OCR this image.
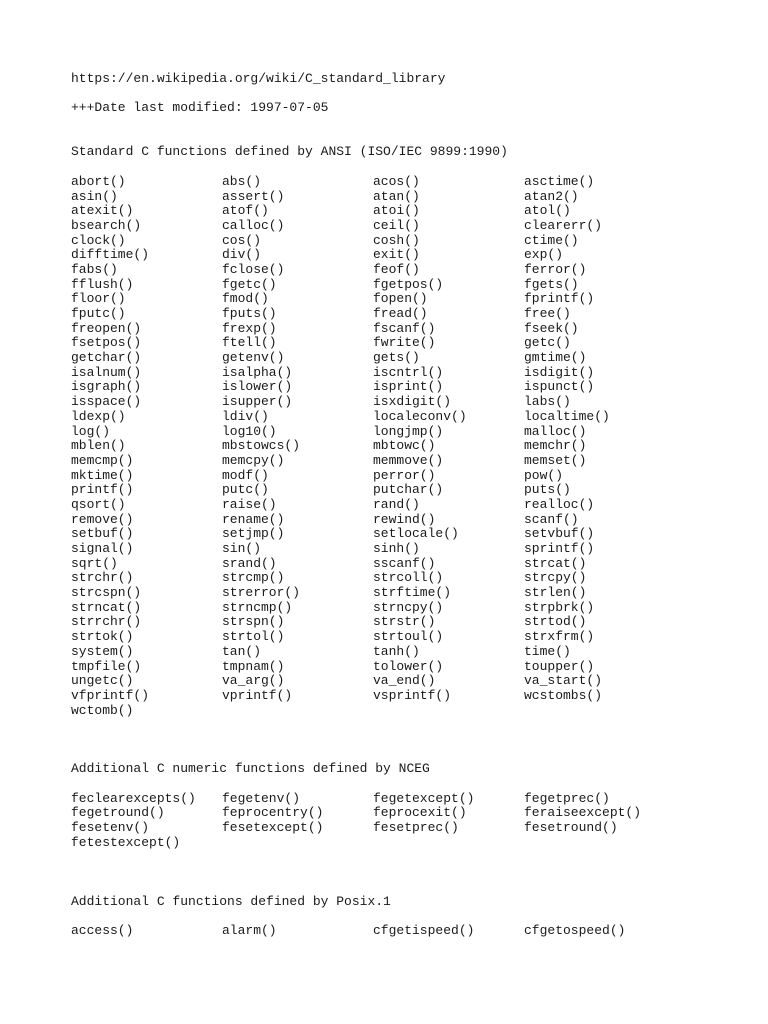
https://en.wikipedia.org/wiki/C_standard_library
+++Date last modified: 1997-07-05
Standard C functions defined by ANSI (ISO/IEC 9899:1990)
abort()	abs()	acos()	asctime()
asin()	assert()	atan()	atan2()
atexit()	atof()	atoi()	atol()
bsearch()	calloc()	ceil()	clearerr()
clock()	cos()	cosh()	ctime()
difftime()	div()	exit()	exp()
fabs()	fclose()	feof()	ferror()
fflush()	fgetc()	fgetpos()	fgets()
floor()	fmod()	fopen()	fprintf()
fputc()	fputs()	fread()	free()
freopen()	frexp()	fscanf()	fseek()
fsetpos()	ftell()	fwrite()	getc()
getchar()	getenv()	gets()	gmtime()
isalnum()	isalpha()	iscntrl()	isdigit()
isgraph()	islower()	isprint()	ispunct()
isspace()	isupper()	isxdigit()	labs()
ldexp()	ldiv()	localeconv()	localtime()
log()	log10()	longjmp()	malloc()
mblen()	mbstowcs()	mbtowc()	memchr()
memcmp()	memcpy()	memmove()	memset()
mktime()	modf()	perror()	pow()
printf()	putc()	putchar()	puts()
qsort()	raise()	rand()	realloc()
remove()	rename()	rewind()	scanf()
setbuf()	setjmp()	setlocale()	setvbuf()
signal()	sin()	sinh()	sprintf()
sqrt()	srand()	sscanf()	strcat()
strchr()	strcmp()	strcoll()	strcpy()
strcspn()	strerror()	strftime()	strlen()
strncat()	strncmp()	strncpy()	strpbrk()
strrchr()	strspn()	strstr()	strtod()
strtok()	strtol()	strtoul()	strxfrm()
system()	tan()	tanh()	time()
tmpfile()	tmpnam()	tolower()	toupper()
ungetc()	va_arg()	va_end()	va_start()
vfprintf()	vprintf()	vsprintf()	wcstombs()
wctomb()
Additional C numeric functions defined by NCEG
feclearexcepts()	fegetenv()	fegetexcept()	fegetprec()
fegetround()	feprocentry()	feprocexit()	feraiseexcept()
fesetenv()	fesetexcept()	fesetprec()	fesetround()
fetestexcept()
Additional C functions defined by Posix.1
access()	alarm()	cfgetispeed()	cfgetospeed()
